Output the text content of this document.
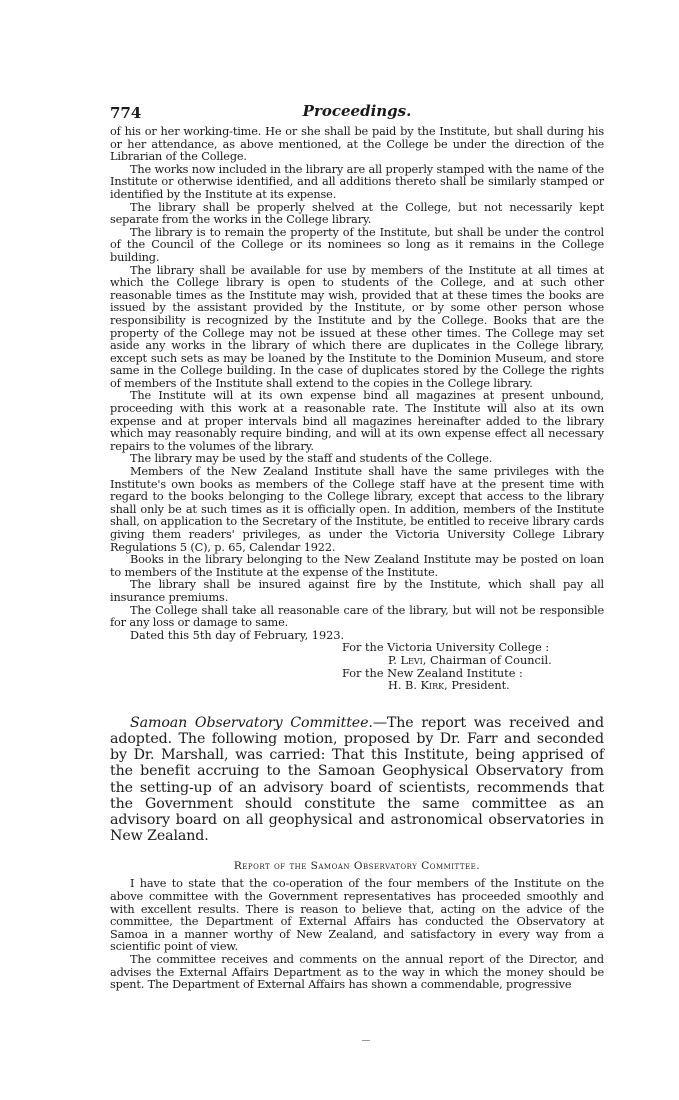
774	Proceedings.

of his or her working-time. He or she shall be paid by the Institute, but shall during his or her attendance, as above mentioned, at the College be under the direction of the Librarian of the College.

The works now included in the library are all properly stamped with the name of the Institute or otherwise identified, and all additions thereto shall be similarly stamped or identified by the Institute at its expense.

The library shall be properly shelved at the College, but not necessarily kept separate from the works in the College library.

The library is to remain the property of the Institute, but shall be under the control of the Council of the College or its nominees so long as it remains in the College building.

The library shall be available for use by members of the Institute at all times at which the College library is open to students of the College, and at such other reasonable times as the Institute may wish, provided that at these times the books are issued by the assistant provided by the Institute, or by some other person whose responsibility is recognized by the Institute and by the College. Books that are the property of the College may not be issued at these other times. The College may set aside any works in the library of which there are duplicates in the College library, except such sets as may be loaned by the Institute to the Dominion Museum, and store same in the College building. In the case of duplicates stored by the College the rights of members of the Institute shall extend to the copies in the College library.

The Institute will at its own expense bind all magazines at present unbound, proceeding with this work at a reasonable rate. The Institute will also at its own expense and at proper intervals bind all magazines hereinafter added to the library which may reasonably require binding, and will at its own expense effect all necessary repairs to the volumes of the library.

The library may be used by the staff and students of the College.

Members of the New Zealand Institute shall have the same privileges with the Institute's own books as members of the College staff have at the present time with regard to the books belonging to the College library, except that access to the library shall only be at such times as it is officially open. In addition, members of the Institute shall, on application to the Secretary of the Institute, be entitled to receive library cards giving them readers' privileges, as under the Victoria University College Library Regulations 5 (C), p. 65, Calendar 1922.

Books in the library belonging to the New Zealand Institute may be posted on loan to members of the Institute at the expense of the Institute.

The library shall be insured against fire by the Institute, which shall pay all insurance premiums.

The College shall take all reasonable care of the library, but will not be responsible for any loss or damage to same.

Dated this 5th day of February, 1923.
For the Victoria University College :
P. Levi, Chairman of Council.
For the New Zealand Institute :
H. B. Kirk, President.

Samoan Observatory Committee.—The report was received and adopted. The following motion, proposed by Dr. Farr and seconded by Dr. Marshall, was carried: That this Institute, being apprised of the benefit accruing to the Samoan Geophysical Observatory from the setting-up of an advisory board of scientists, recommends that the Government should constitute the same committee as an advisory board on all geophysical and astronomical observatories in New Zealand.

Report of the Samoan Observatory Committee.

I have to state that the co-operation of the four members of the Institute on the above committee with the Government representatives has proceeded smoothly and with excellent results. There is reason to believe that, acting on the advice of the committee, the Department of External Affairs has conducted the Observatory at Samoa in a manner worthy of New Zealand, and satisfactory in every way from a scientific point of view.

The committee receives and comments on the annual report of the Director, and advises the External Affairs Department as to the way in which the money should be spent. The Department of External Affairs has shown a commendable, progressive
